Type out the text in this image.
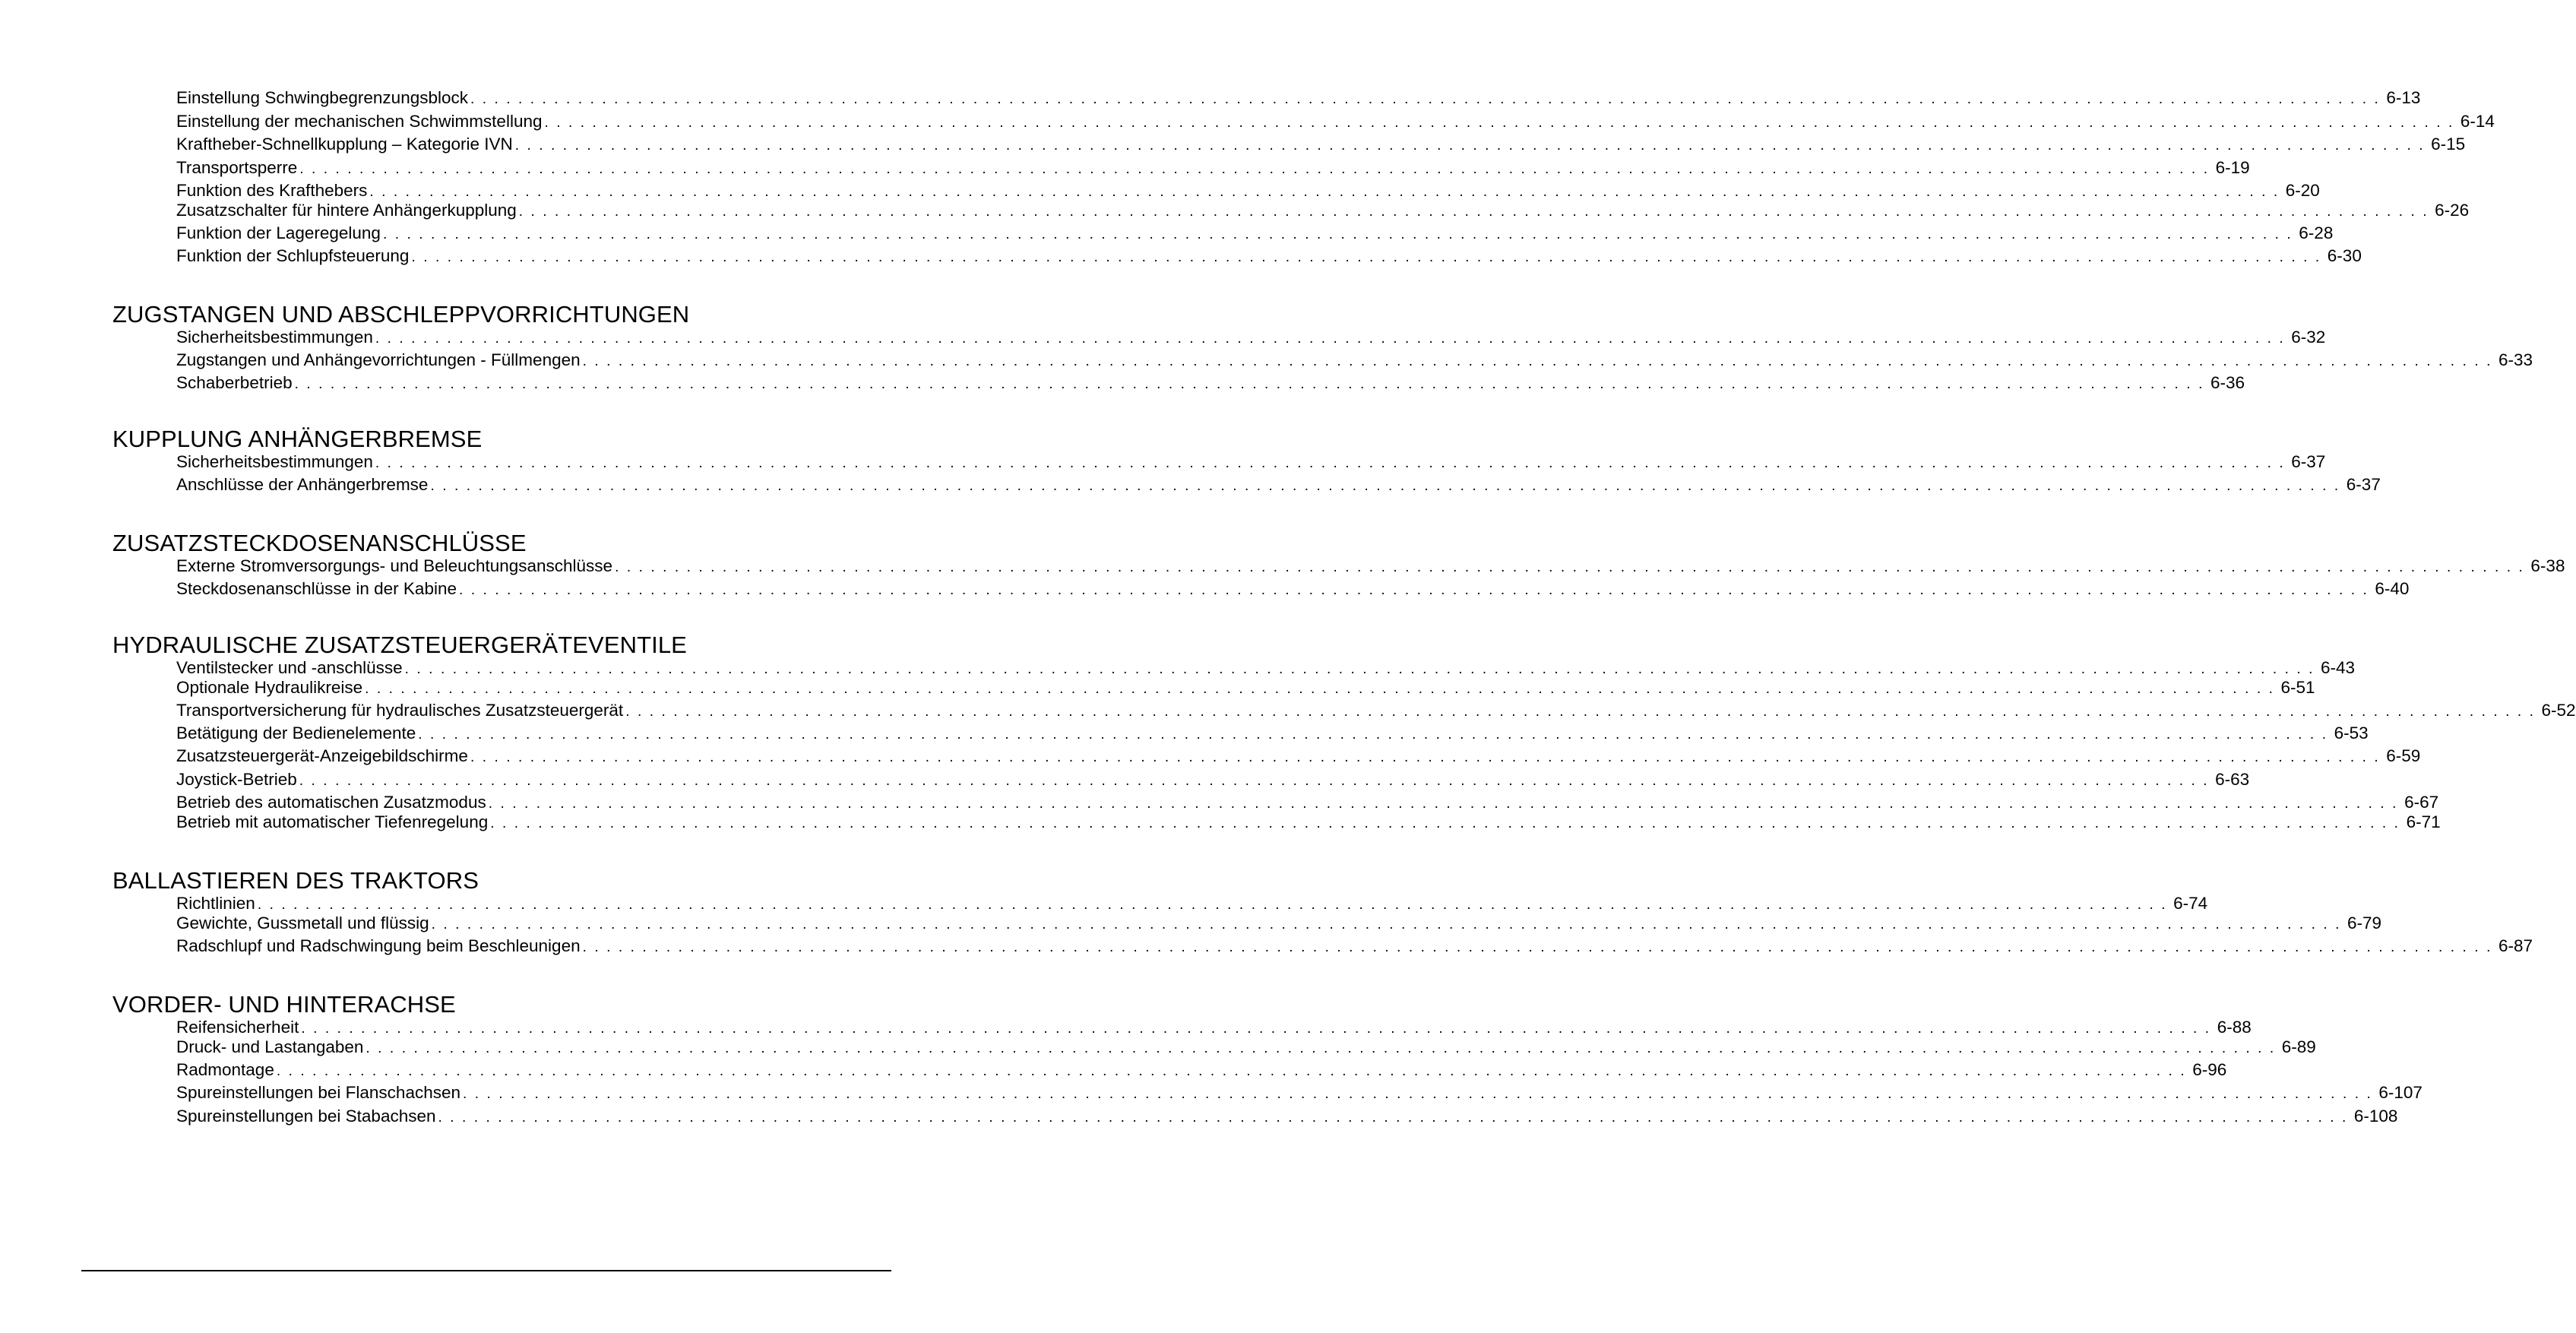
Einstellung Schwingbegrenzungsblock . . . . . . . . . . . . . . . . . . . . . . . . . . . . . . . . . . . . . . . . . . . . . . . . . . . . . . . . . . . . . . . . . . . . . . . . . . . . . . . . . . . . . . . . . . . . . . . . . . . . . . . . . . . . . . . . . . . . . . . . . . . . . . . . . . . . . . . . . . . . . . . . . . . . . . . . . . . . . . . . 6-13
Einstellung der mechanischen Schwimmstellung . . . . . . . . . . . . . . . . . . . . . . . . . . . . . . . . . . . . . . . . . . . . . . . . . . . . . . . . . . . . . . . . . . . . . . . . . . . . . . . . . . . . . . . . . . . . . . . . . . . . . . . . . . . . . . . . . . . . . . . . . . . . . . . . . . . . . . . . . . . . . . . . . . . . . . . . . . . . . . . . 6-14
Kraftheber-Schnellkupplung – Kategorie IVN . . . . . . . . . . . . . . . . . . . . . . . . . . . . . . . . . . . . . . . . . . . . . . . . . . . . . . . . . . . . . . . . . . . . . . . . . . . . . . . . . . . . . . . . . . . . . . . . . . . . . . . . . . . . . . . . . . . . . . . . . . . . . . . . . . . . . . . . . . . . . . . . . . . . . . . . . . . . . . . . 6-15
Transportsperre . . . . . . . . . . . . . . . . . . . . . . . . . . . . . . . . . . . . . . . . . . . . . . . . . . . . . . . . . . . . . . . . . . . . . . . . . . . . . . . . . . . . . . . . . . . . . . . . . . . . . . . . . . . . . . . . . . . . . . . . . . . . . . . . . . . . . . . . . . . . . . . . . . . . . . . . . . . . . . . . 6-19
Funktion des Krafthebers . . . . . . . . . . . . . . . . . . . . . . . . . . . . . . . . . . . . . . . . . . . . . . . . . . . . . . . . . . . . . . . . . . . . . . . . . . . . . . . . . . . . . . . . . . . . . . . . . . . . . . . . . . . . . . . . . . . . . . . . . . . . . . . . . . . . . . . . . . . . . . . . . . . . . . . . . . . . . . . . 6-20
Zusatzschalter für hintere Anhängerkupplung . . . . . . . . . . . . . . . . . . . . . . . . . . . . . . . . . . . . . . . . . . . . . . . . . . . . . . . . . . . . . . . . . . . . . . . . . . . . . . . . . . . . . . . . . . . . . . . . . . . . . . . . . . . . . . . . . . . . . . . . . . . . . . . . . . . . . . . . . . . . . . . . . . . . . . . . . . . . . . . . 6-26
Funktion der Lageregelung . . . . . . . . . . . . . . . . . . . . . . . . . . . . . . . . . . . . . . . . . . . . . . . . . . . . . . . . . . . . . . . . . . . . . . . . . . . . . . . . . . . . . . . . . . . . . . . . . . . . . . . . . . . . . . . . . . . . . . . . . . . . . . . . . . . . . . . . . . . . . . . . . . . . . . . . . . . . . . . . 6-28
Funktion der Schlupfsteuerung . . . . . . . . . . . . . . . . . . . . . . . . . . . . . . . . . . . . . . . . . . . . . . . . . . . . . . . . . . . . . . . . . . . . . . . . . . . . . . . . . . . . . . . . . . . . . . . . . . . . . . . . . . . . . . . . . . . . . . . . . . . . . . . . . . . . . . . . . . . . . . . . . . . . . . . . . . . . . . . . 6-30
ZUGSTANGEN UND ABSCHLEPPVORRICHTUNGEN
Sicherheitsbestimmungen . . . . . . . . . . . . . . . . . . . . . . . . . . . . . . . . . . . . . . . . . . . . . . . . . . . . . . . . . . . . . . . . . . . . . . . . . . . . . . . . . . . . . . . . . . . . . . . . . . . . . . . . . . . . . . . . . . . . . . . . . . . . . . . . . . . . . . . . . . . . . . . . . . . . . . . . . . . . . . . . 6-32
Zugstangen und Anhängevorrichtungen - Füllmengen . . . . . . . . . . . . . . . . . . . . . . . . . . . . . . . . . . . . . . . . . . . . . . . . . . . . . . . . . . . . . . . . . . . . . . . . . . . . . . . . . . . . . . . . . . . . . . . . . . . . . . . . . . . . . . . . . . . . . . . . . . . . . . . . . . . . . . . . . . . . . . . . . . . . . . . . . . . . . . . . 6-33
Schaberbetrieb . . . . . . . . . . . . . . . . . . . . . . . . . . . . . . . . . . . . . . . . . . . . . . . . . . . . . . . . . . . . . . . . . . . . . . . . . . . . . . . . . . . . . . . . . . . . . . . . . . . . . . . . . . . . . . . . . . . . . . . . . . . . . . . . . . . . . . . . . . . . . . . . . . . . . . . . . . . . . . . . 6-36
KUPPLUNG ANHÄNGERBREMSE
Sicherheitsbestimmungen . . . . . . . . . . . . . . . . . . . . . . . . . . . . . . . . . . . . . . . . . . . . . . . . . . . . . . . . . . . . . . . . . . . . . . . . . . . . . . . . . . . . . . . . . . . . . . . . . . . . . . . . . . . . . . . . . . . . . . . . . . . . . . . . . . . . . . . . . . . . . . . . . . . . . . . . . . . . . . . . 6-37
Anschlüsse der Anhängerbremse . . . . . . . . . . . . . . . . . . . . . . . . . . . . . . . . . . . . . . . . . . . . . . . . . . . . . . . . . . . . . . . . . . . . . . . . . . . . . . . . . . . . . . . . . . . . . . . . . . . . . . . . . . . . . . . . . . . . . . . . . . . . . . . . . . . . . . . . . . . . . . . . . . . . . . . . . . . . . . . . 6-37
ZUSATZSTECKDOSENANSCHLÜSSE
Externe Stromversorgungs- und Beleuchtungsanschlüsse . . . . . . . . . . . . . . . . . . . . . . . . . . . . . . . . . . . . . . . . . . . . . . . . . . . . . . . . . . . . . . . . . . . . . . . . . . . . . . . . . . . . . . . . . . . . . . . . . . . . . . . . . . . . . . . . . . . . . . . . . . . . . . . . . . . . . . . . . . . . . . . . . . . . . . . . . . . . . . . . 6-38
Steckdosenanschlüsse in der Kabine . . . . . . . . . . . . . . . . . . . . . . . . . . . . . . . . . . . . . . . . . . . . . . . . . . . . . . . . . . . . . . . . . . . . . . . . . . . . . . . . . . . . . . . . . . . . . . . . . . . . . . . . . . . . . . . . . . . . . . . . . . . . . . . . . . . . . . . . . . . . . . . . . . . . . . . . . . . . . . . . 6-40
HYDRAULISCHE ZUSATZSTEUERGERÄTEVENTILE
Ventilstecker und -anschlüsse . . . . . . . . . . . . . . . . . . . . . . . . . . . . . . . . . . . . . . . . . . . . . . . . . . . . . . . . . . . . . . . . . . . . . . . . . . . . . . . . . . . . . . . . . . . . . . . . . . . . . . . . . . . . . . . . . . . . . . . . . . . . . . . . . . . . . . . . . . . . . . . . . . . . . . . . . . . . . . . . 6-43
Optionale Hydraulikreise . . . . . . . . . . . . . . . . . . . . . . . . . . . . . . . . . . . . . . . . . . . . . . . . . . . . . . . . . . . . . . . . . . . . . . . . . . . . . . . . . . . . . . . . . . . . . . . . . . . . . . . . . . . . . . . . . . . . . . . . . . . . . . . . . . . . . . . . . . . . . . . . . . . . . . . . . . . . . . . . 6-51
Transportversicherung für hydraulisches Zusatzsteuergerät . . . . . . . . . . . . . . . . . . . . . . . . . . . . . . . . . . . . . . . . . . . . . . . . . . . . . . . . . . . . . . . . . . . . . . . . . . . . . . . . . . . . . . . . . . . . . . . . . . . . . . . . . . . . . . . . . . . . . . . . . . . . . . . . . . . . . . . . . . . . . . . . . . . . . . . . . . . . . . . . 6-52
Betätigung der Bedienelemente . . . . . . . . . . . . . . . . . . . . . . . . . . . . . . . . . . . . . . . . . . . . . . . . . . . . . . . . . . . . . . . . . . . . . . . . . . . . . . . . . . . . . . . . . . . . . . . . . . . . . . . . . . . . . . . . . . . . . . . . . . . . . . . . . . . . . . . . . . . . . . . . . . . . . . . . . . . . . . . . 6-53
Zusatzsteuergerät-Anzeigebildschirme . . . . . . . . . . . . . . . . . . . . . . . . . . . . . . . . . . . . . . . . . . . . . . . . . . . . . . . . . . . . . . . . . . . . . . . . . . . . . . . . . . . . . . . . . . . . . . . . . . . . . . . . . . . . . . . . . . . . . . . . . . . . . . . . . . . . . . . . . . . . . . . . . . . . . . . . . . . . . . . . 6-59
Joystick-Betrieb . . . . . . . . . . . . . . . . . . . . . . . . . . . . . . . . . . . . . . . . . . . . . . . . . . . . . . . . . . . . . . . . . . . . . . . . . . . . . . . . . . . . . . . . . . . . . . . . . . . . . . . . . . . . . . . . . . . . . . . . . . . . . . . . . . . . . . . . . . . . . . . . . . . . . . . . . . . . . . . . 6-63
Betrieb des automatischen Zusatzmodus . . . . . . . . . . . . . . . . . . . . . . . . . . . . . . . . . . . . . . . . . . . . . . . . . . . . . . . . . . . . . . . . . . . . . . . . . . . . . . . . . . . . . . . . . . . . . . . . . . . . . . . . . . . . . . . . . . . . . . . . . . . . . . . . . . . . . . . . . . . . . . . . . . . . . . . . . . . . . . . . 6-67
Betrieb mit automatischer Tiefenregelung . . . . . . . . . . . . . . . . . . . . . . . . . . . . . . . . . . . . . . . . . . . . . . . . . . . . . . . . . . . . . . . . . . . . . . . . . . . . . . . . . . . . . . . . . . . . . . . . . . . . . . . . . . . . . . . . . . . . . . . . . . . . . . . . . . . . . . . . . . . . . . . . . . . . . . . . . . . . . . . . 6-71
BALLASTIEREN DES TRAKTORS
Richtlinien . . . . . . . . . . . . . . . . . . . . . . . . . . . . . . . . . . . . . . . . . . . . . . . . . . . . . . . . . . . . . . . . . . . . . . . . . . . . . . . . . . . . . . . . . . . . . . . . . . . . . . . . . . . . . . . . . . . . . . . . . . . . . . . . . . . . . . . . . . . . . . . . . . . . . . . . . . . . . . . . 6-74
Gewichte, Gussmetall und flüssig . . . . . . . . . . . . . . . . . . . . . . . . . . . . . . . . . . . . . . . . . . . . . . . . . . . . . . . . . . . . . . . . . . . . . . . . . . . . . . . . . . . . . . . . . . . . . . . . . . . . . . . . . . . . . . . . . . . . . . . . . . . . . . . . . . . . . . . . . . . . . . . . . . . . . . . . . . . . . . . . 6-79
Radschlupf und Radschwingung beim Beschleunigen . . . . . . . . . . . . . . . . . . . . . . . . . . . . . . . . . . . . . . . . . . . . . . . . . . . . . . . . . . . . . . . . . . . . . . . . . . . . . . . . . . . . . . . . . . . . . . . . . . . . . . . . . . . . . . . . . . . . . . . . . . . . . . . . . . . . . . . . . . . . . . . . . . . . . . . . . . . . . . . . 6-87
VORDER- UND HINTERACHSE
Reifensicherheit . . . . . . . . . . . . . . . . . . . . . . . . . . . . . . . . . . . . . . . . . . . . . . . . . . . . . . . . . . . . . . . . . . . . . . . . . . . . . . . . . . . . . . . . . . . . . . . . . . . . . . . . . . . . . . . . . . . . . . . . . . . . . . . . . . . . . . . . . . . . . . . . . . . . . . . . . . . . . . . . 6-88
Druck- und Lastangaben . . . . . . . . . . . . . . . . . . . . . . . . . . . . . . . . . . . . . . . . . . . . . . . . . . . . . . . . . . . . . . . . . . . . . . . . . . . . . . . . . . . . . . . . . . . . . . . . . . . . . . . . . . . . . . . . . . . . . . . . . . . . . . . . . . . . . . . . . . . . . . . . . . . . . . . . . . . . . . . . 6-89
Radmontage . . . . . . . . . . . . . . . . . . . . . . . . . . . . . . . . . . . . . . . . . . . . . . . . . . . . . . . . . . . . . . . . . . . . . . . . . . . . . . . . . . . . . . . . . . . . . . . . . . . . . . . . . . . . . . . . . . . . . . . . . . . . . . . . . . . . . . . . . . . . . . . . . . . . . . . . . . . . . . . . 6-96
Spureinstellungen bei Flanschachsen . . . . . . . . . . . . . . . . . . . . . . . . . . . . . . . . . . . . . . . . . . . . . . . . . . . . . . . . . . . . . . . . . . . . . . . . . . . . . . . . . . . . . . . . . . . . . . . . . . . . . . . . . . . . . . . . . . . . . . . . . . . . . . . . . . . . . . . . . . . . . . . . . . . . . . . . . . . . . . . . 6-107
Spureinstellungen bei Stabachsen . . . . . . . . . . . . . . . . . . . . . . . . . . . . . . . . . . . . . . . . . . . . . . . . . . . . . . . . . . . . . . . . . . . . . . . . . . . . . . . . . . . . . . . . . . . . . . . . . . . . . . . . . . . . . . . . . . . . . . . . . . . . . . . . . . . . . . . . . . . . . . . . . . . . . . . . . . . . . . . . 6-108
